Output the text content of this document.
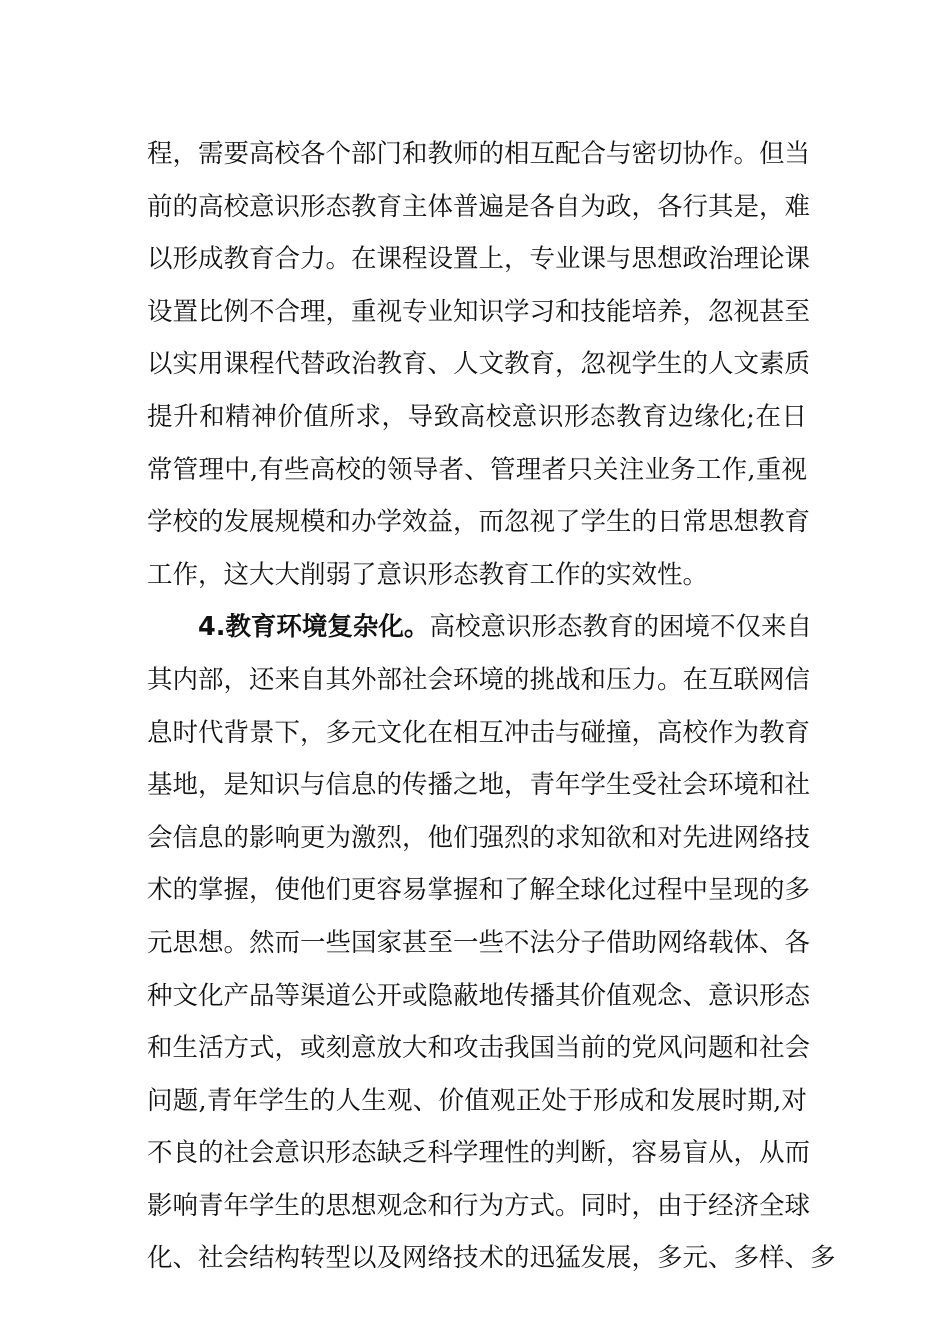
程，需要高校各个部门和教师的相互配合与密切协作。但当
前的高校意识形态教育主体普遍是各自为政，各行其是，难
以形成教育合力。在课程设置上，专业课与思想政治理论课
设置比例不合理，重视专业知识学习和技能培养，忽视甚至
以实用课程代替政治教育、人文教育，忽视学生的人文素质
提升和精神价值所求，导致高校意识形态教育边缘化;在日
常管理中,有些高校的领导者、管理者只关注业务工作,重视
学校的发展规模和办学效益，而忽视了学生的日常思想教育
工作，这大大削弱了意识形态教育工作的实效性。
4.教育环境复杂化。高校意识形态教育的困境不仅来自
其内部，还来自其外部社会环境的挑战和压力。在互联网信
息时代背景下，多元文化在相互冲击与碰撞，高校作为教育
基地，是知识与信息的传播之地，青年学生受社会环境和社
会信息的影响更为激烈，他们强烈的求知欲和对先进网络技
术的掌握，使他们更容易掌握和了解全球化过程中呈现的多
元思想。然而一些国家甚至一些不法分子借助网络载体、各
种文化产品等渠道公开或隐蔽地传播其价值观念、意识形态
和生活方式，或刻意放大和攻击我国当前的党风问题和社会
问题,青年学生的人生观、价值观正处于形成和发展时期,对
不良的社会意识形态缺乏科学理性的判断，容易盲从，从而
影响青年学生的思想观念和行为方式。同时，由于经济全球
化、社会结构转型以及网络技术的迅猛发展，多元、多样、多
